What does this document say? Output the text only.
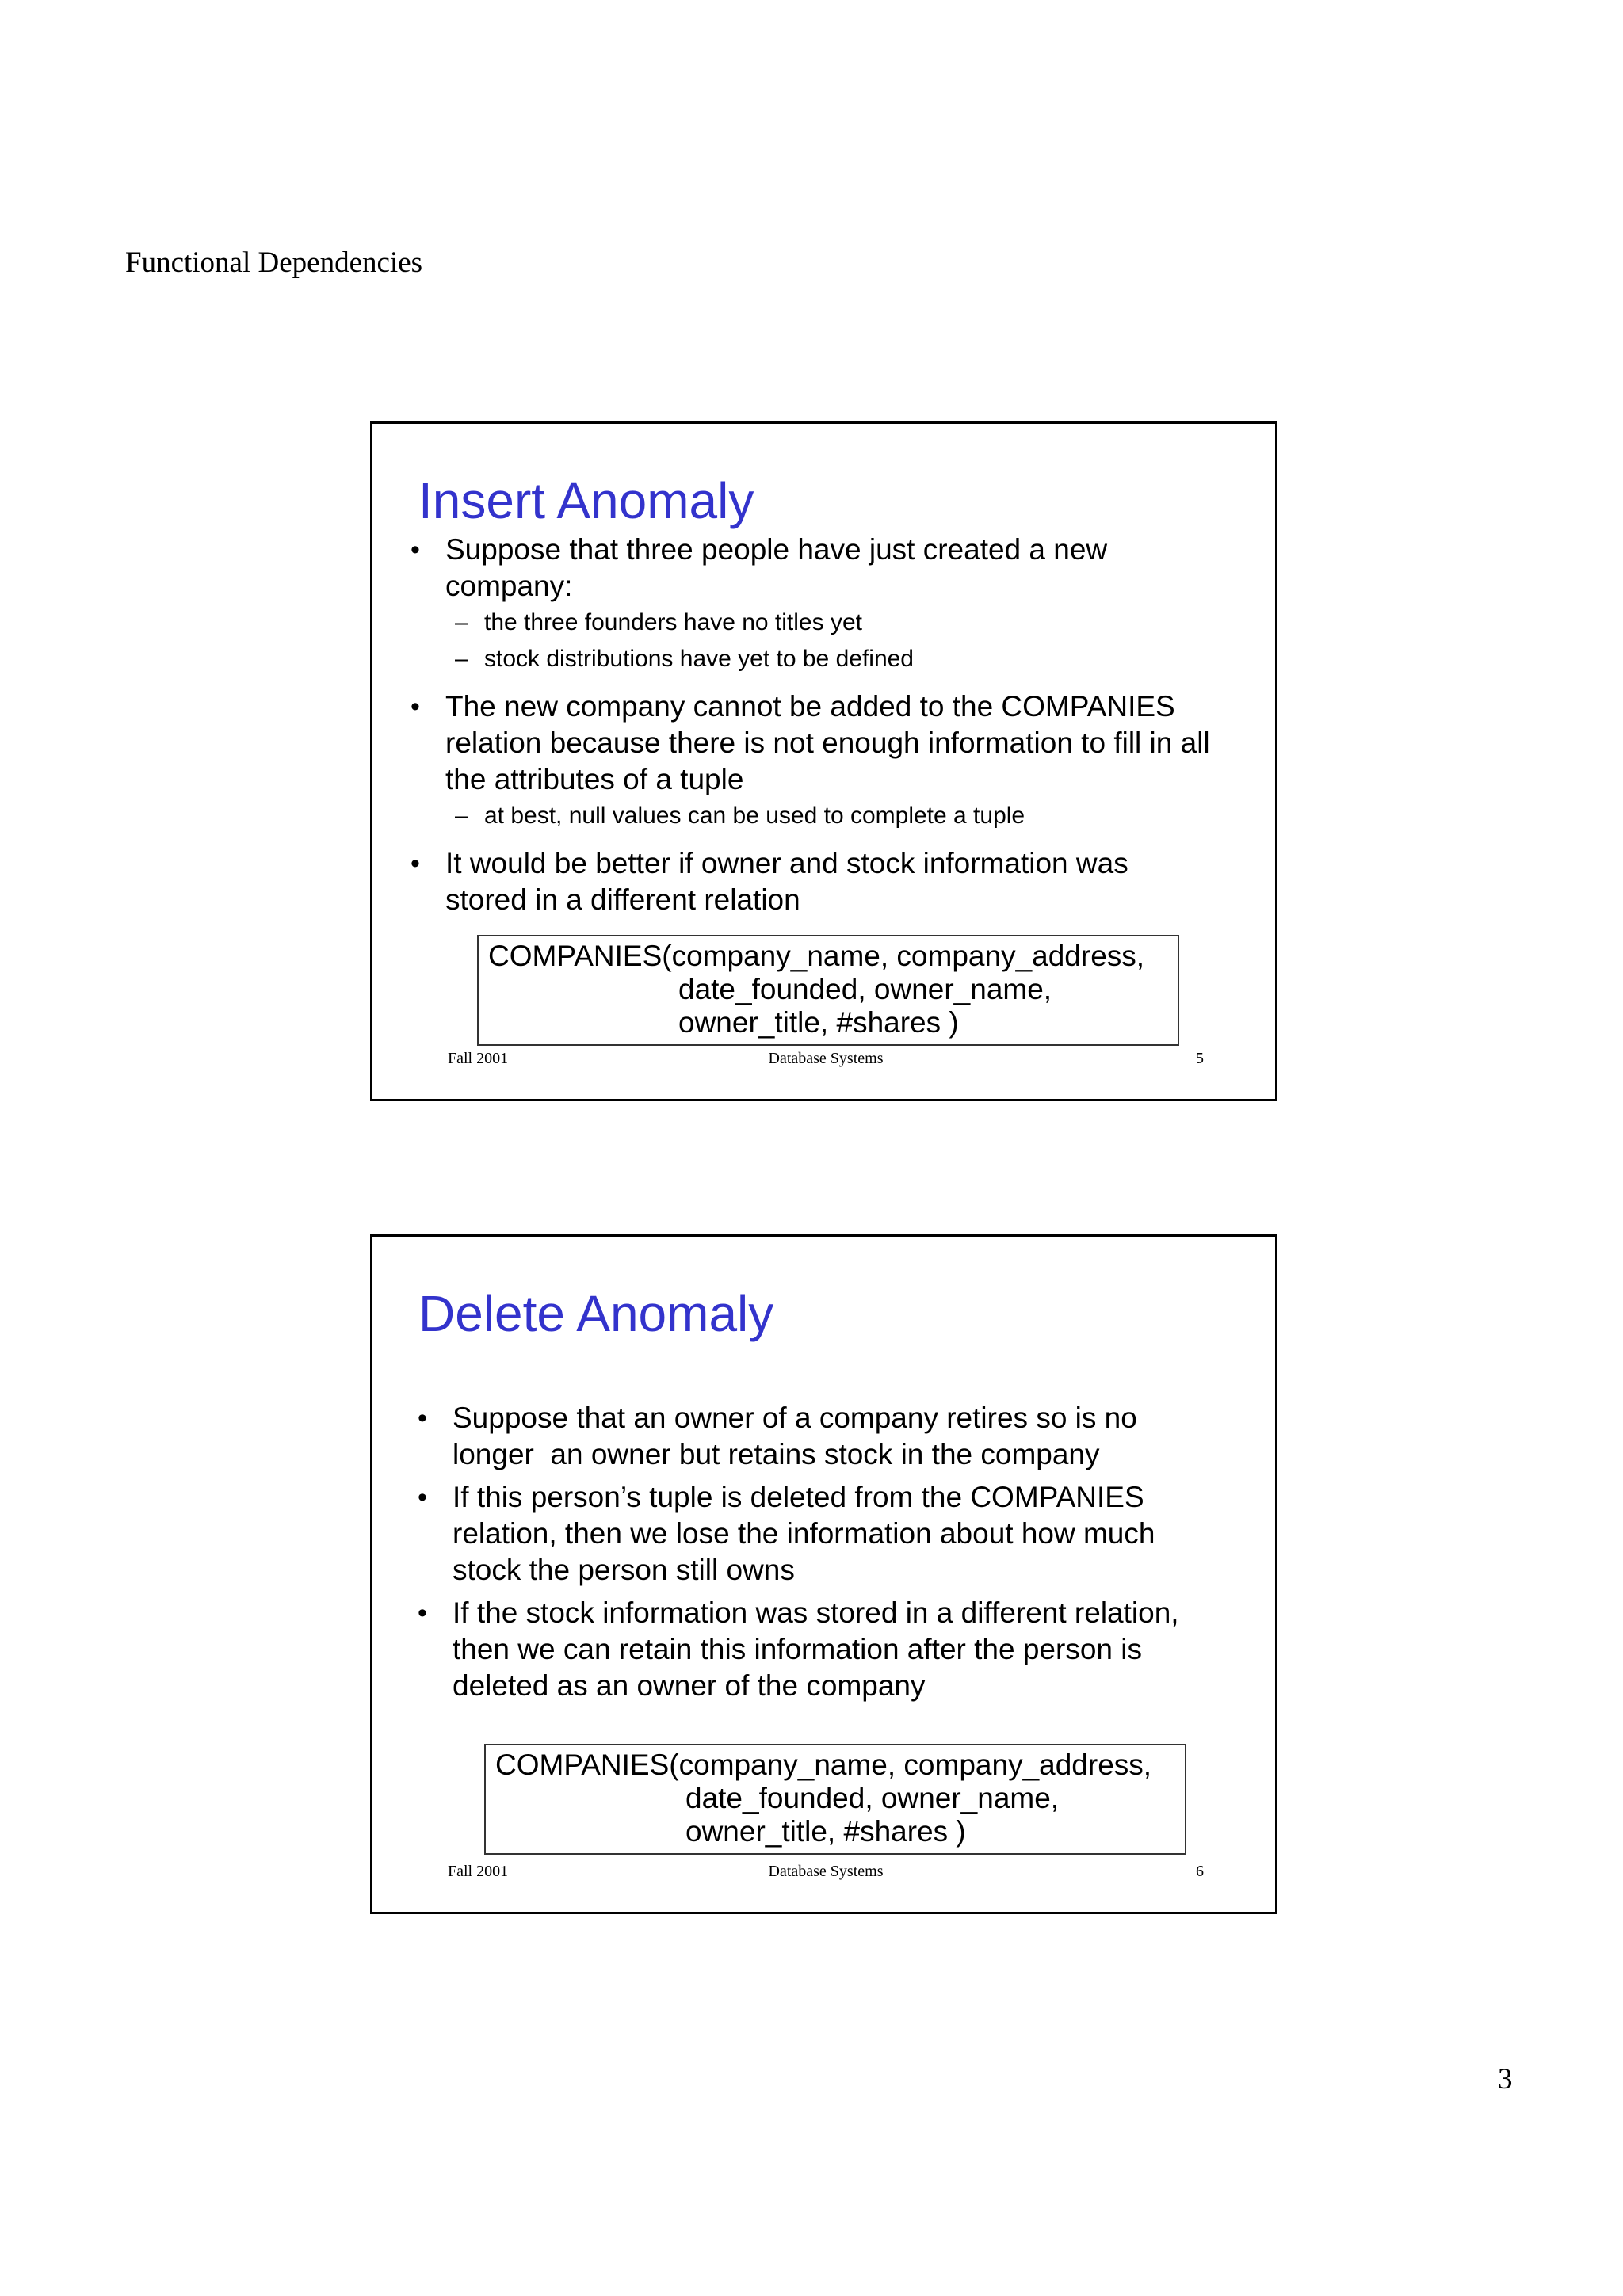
Functional Dependencies
Insert Anomaly
• Suppose that three people have just created a new company:
– the three founders have no titles yet
– stock distributions have yet to be defined
• The new company cannot be added to the COMPANIES relation because there is not enough information to fill in all the attributes of a tuple
– at best, null values can be used to complete a tuple
• It would be better if owner and stock information was stored in a different relation
COMPANIES(company_name, company_address,
date_founded, owner_name,
owner_title, #shares )
Fall 2001	Database Systems	5
Delete Anomaly
• Suppose that an owner of a company retires so is no longer  an owner but retains stock in the company
• If this person’s tuple is deleted from the COMPANIES relation, then we lose the information about how much stock the person still owns
• If the stock information was stored in a different relation, then we can retain this information after the person is deleted as an owner of the company
COMPANIES(company_name, company_address,
date_founded, owner_name,
owner_title, #shares )
Fall 2001	Database Systems	6
3
